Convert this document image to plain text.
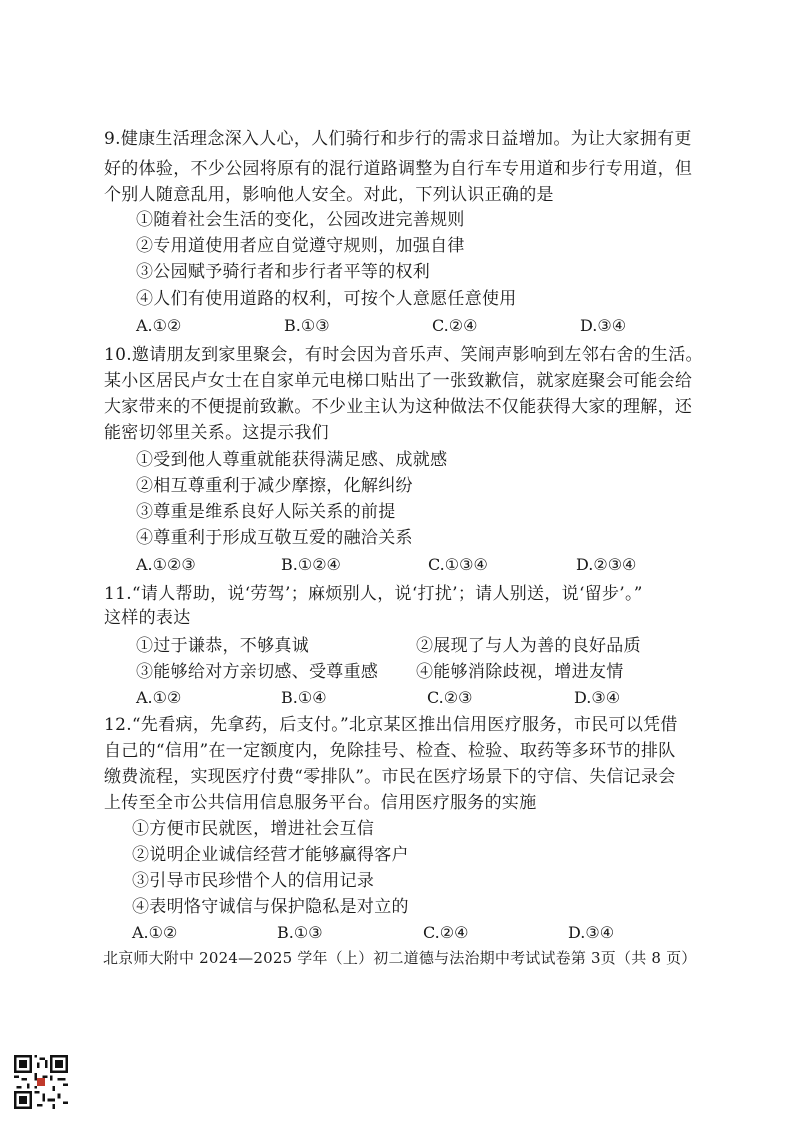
9.健康生活理念深入人心，人们骑行和步行的需求日益增加。为让大家拥有更
好的体验，不少公园将原有的混行道路调整为自行车专用道和步行专用道，但
个别人随意乱用，影响他人安全。对此，下列认识正确的是
①随着社会生活的变化，公园改进完善规则
②专用道使用者应自觉遵守规则，加强自律
③公园赋予骑行者和步行者平等的权利
④人们有使用道路的权利，可按个人意愿任意使用
A.①②	B.①③	C.②④	D.③④
10.邀请朋友到家里聚会，有时会因为音乐声、笑闹声影响到左邻右舍的生活。
某小区居民卢女士在自家单元电梯口贴出了一张致歉信，就家庭聚会可能会给
大家带来的不便提前致歉。不少业主认为这种做法不仅能获得大家的理解，还
能密切邻里关系。这提示我们
①受到他人尊重就能获得满足感、成就感
②相互尊重利于减少摩擦，化解纠纷
③尊重是维系良好人际关系的前提
④尊重利于形成互敬互爱的融洽关系
A.①②③	B.①②④	C.①③④	D.②③④
11.“请人帮助，说‘劳驾’；麻烦别人，说‘打扰’；请人别送，说‘留步’。”
这样的表达
①过于谦恭，不够真诚	②展现了与人为善的良好品质
③能够给对方亲切感、受尊重感 ④能够消除歧视，增进友情
A.①②	B.①④	C.②③	D.③④
12.“先看病，先拿药，后支付。”北京某区推出信用医疗服务，市民可以凭借
自己的“信用”在一定额度内，免除挂号、检查、检验、取药等多环节的排队
缴费流程，实现医疗付费“零排队”。市民在医疗场景下的守信、失信记录会
上传至全市公共信用信息服务平台。信用医疗服务的实施
①方便市民就医，增进社会互信
②说明企业诚信经营才能够赢得客户
③引导市民珍惜个人的信用记录
④表明恪守诚信与保护隐私是对立的
A.①②	B.①③	C.②④	D.③④
北京师大附中 2024—2025 学年（上）初二道德与法治期中考试试卷第 3页（共 8 页）
